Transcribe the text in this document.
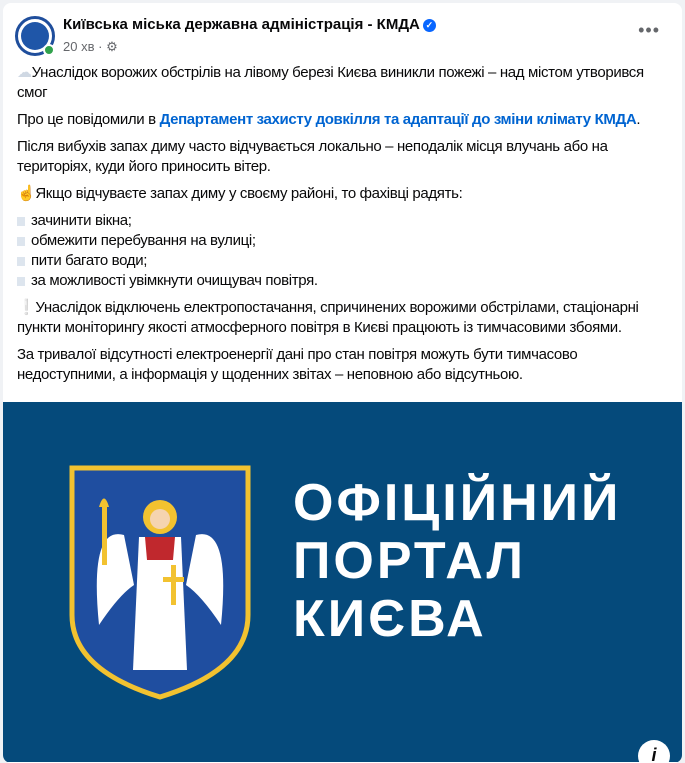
Київська міська державна адміністрація - КМДА ✓
20 хв · ⚙
•••

☁Унаслідок ворожих обстрілів на лівому березі Києва виникли пожежі – над містом утворився смог

Про це повідомили в Департамент захисту довкілля та адаптації до зміни клімату КМДА.

Після вибухів запах диму часто відчувається локально – неподалік місця влучань або на територіях, куди його приносить вітер.

☝Якщо відчуваєте запах диму у своєму районі, то фахівці радять:

зачинити вікна;
обмежити перебування на вулиці;
пити багато води;
за можливості увімкнути очищувач повітря.

❕Унаслідок відключень електропостачання, спричинених ворожими обстрілами, стаціонарні пункти моніторингу якості атмосферного повітря в Києві працюють із тимчасовими збоями.

За тривалої відсутності електроенергії дані про стан повітря можуть бути тимчасово недоступними, а інформація у щоденних звітах – неповною або відсутньою.

ОФІЦІЙНИЙ
ПОРТАЛ
КИЄВА
i
